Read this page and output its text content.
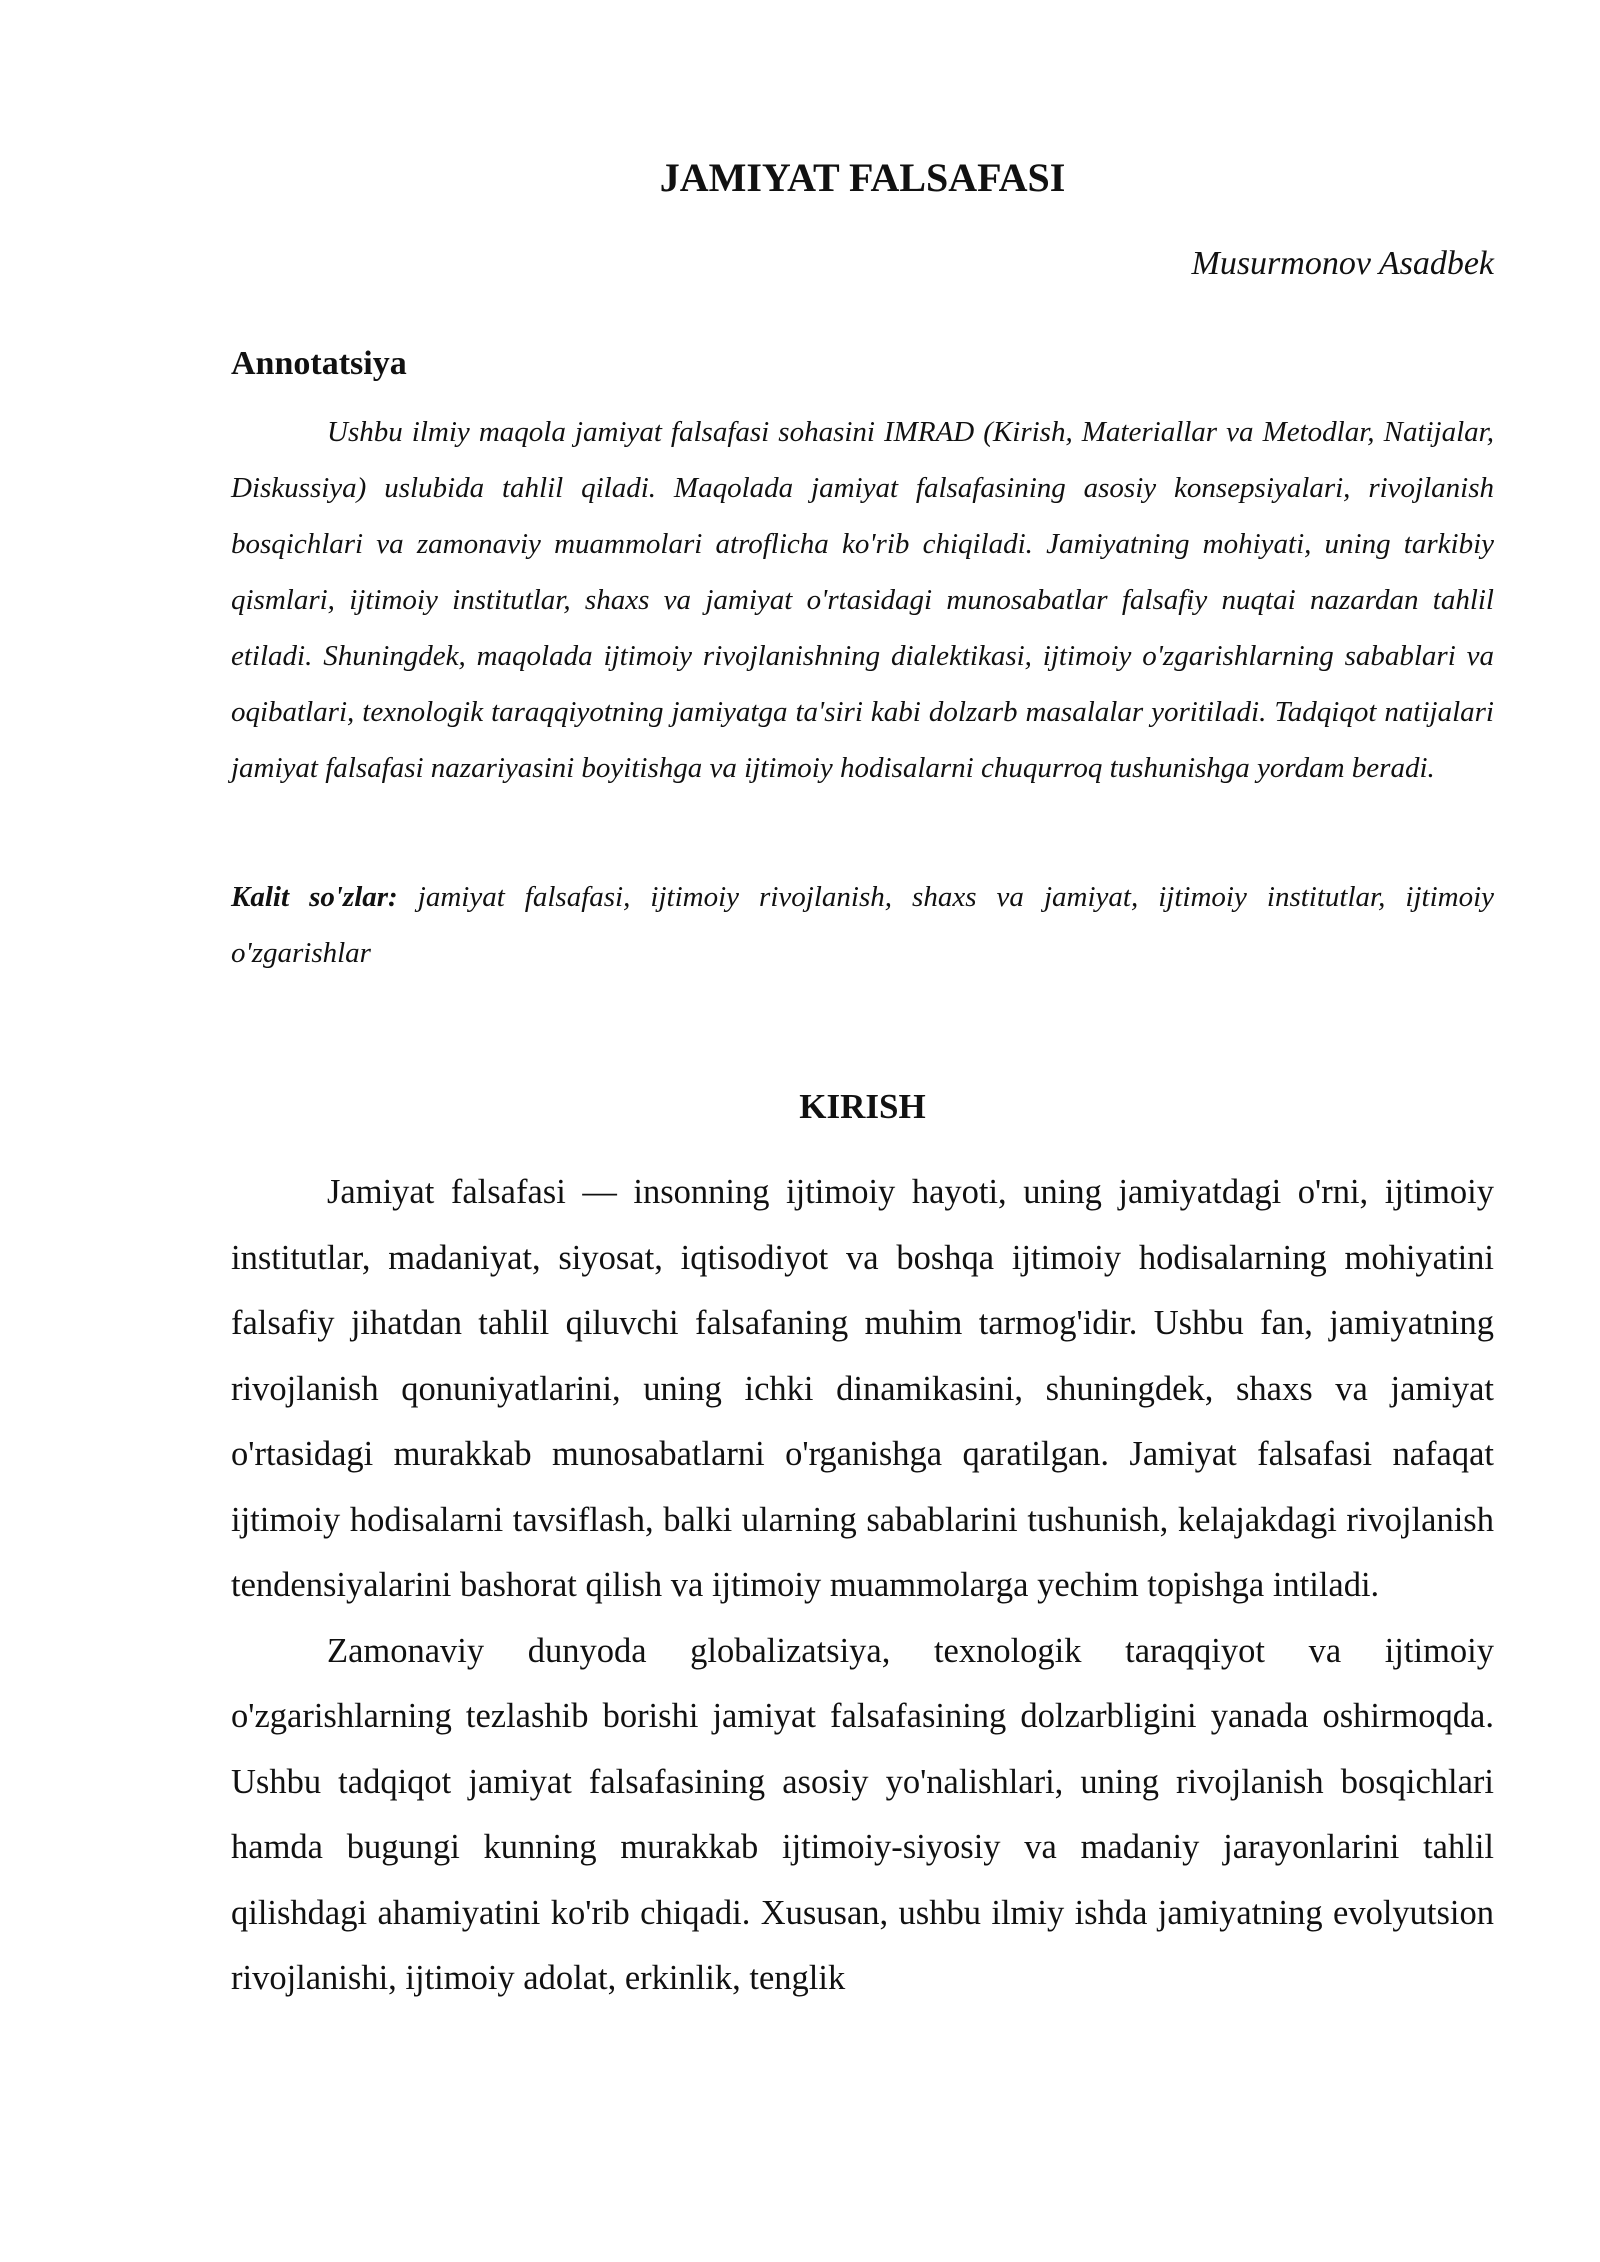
JAMIYAT FALSAFASI

Musurmonov Asadbek

Annotatsiya

Ushbu ilmiy maqola jamiyat falsafasi sohasini IMRAD (Kirish, Materiallar va Metodlar, Natijalar, Diskussiya) uslubida tahlil qiladi. Maqolada jamiyat falsafasining asosiy konsepsiyalari, rivojlanish bosqichlari va zamonaviy muammolari atroflicha ko'rib chiqiladi. Jamiyatning mohiyati, uning tarkibiy qismlari, ijtimoiy institutlar, shaxs va jamiyat o'rtasidagi munosabatlar falsafiy nuqtai nazardan tahlil etiladi. Shuningdek, maqolada ijtimoiy rivojlanishning dialektikasi, ijtimoiy o'zgarishlarning sabablari va oqibatlari, texnologik taraqqiyotning jamiyatga ta'siri kabi dolzarb masalalar yoritiladi. Tadqiqot natijalari jamiyat falsafasi nazariyasini boyitishga va ijtimoiy hodisalarni chuqurroq tushunishga yordam beradi.

Kalit so'zlar: jamiyat falsafasi, ijtimoiy rivojlanish, shaxs va jamiyat, ijtimoiy institutlar, ijtimoiy o'zgarishlar

KIRISH

Jamiyat falsafasi — insonning ijtimoiy hayoti, uning jamiyatdagi o'rni, ijtimoiy institutlar, madaniyat, siyosat, iqtisodiyot va boshqa ijtimoiy hodisalarning mohiyatini falsafiy jihatdan tahlil qiluvchi falsafaning muhim tarmog'idir. Ushbu fan, jamiyatning rivojlanish qonuniyatlarini, uning ichki dinamikasini, shuningdek, shaxs va jamiyat o'rtasidagi murakkab munosabatlarni o'rganishga qaratilgan. Jamiyat falsafasi nafaqat ijtimoiy hodisalarni tavsiflash, balki ularning sabablarini tushunish, kelajakdagi rivojlanish tendensiyalarini bashorat qilish va ijtimoiy muammolarga yechim topishga intiladi.

Zamonaviy dunyoda globalizatsiya, texnologik taraqqiyot va ijtimoiy o'zgarishlarning tezlashib borishi jamiyat falsafasining dolzarbligini yanada oshirmoqda. Ushbu tadqiqot jamiyat falsafasining asosiy yo'nalishlari, uning rivojlanish bosqichlari hamda bugungi kunning murakkab ijtimoiy-siyosiy va madaniy jarayonlarini tahlil qilishdagi ahamiyatini ko'rib chiqadi. Xususan, ushbu ilmiy ishda jamiyatning evolyutsion rivojlanishi, ijtimoiy adolat, erkinlik, tenglik
